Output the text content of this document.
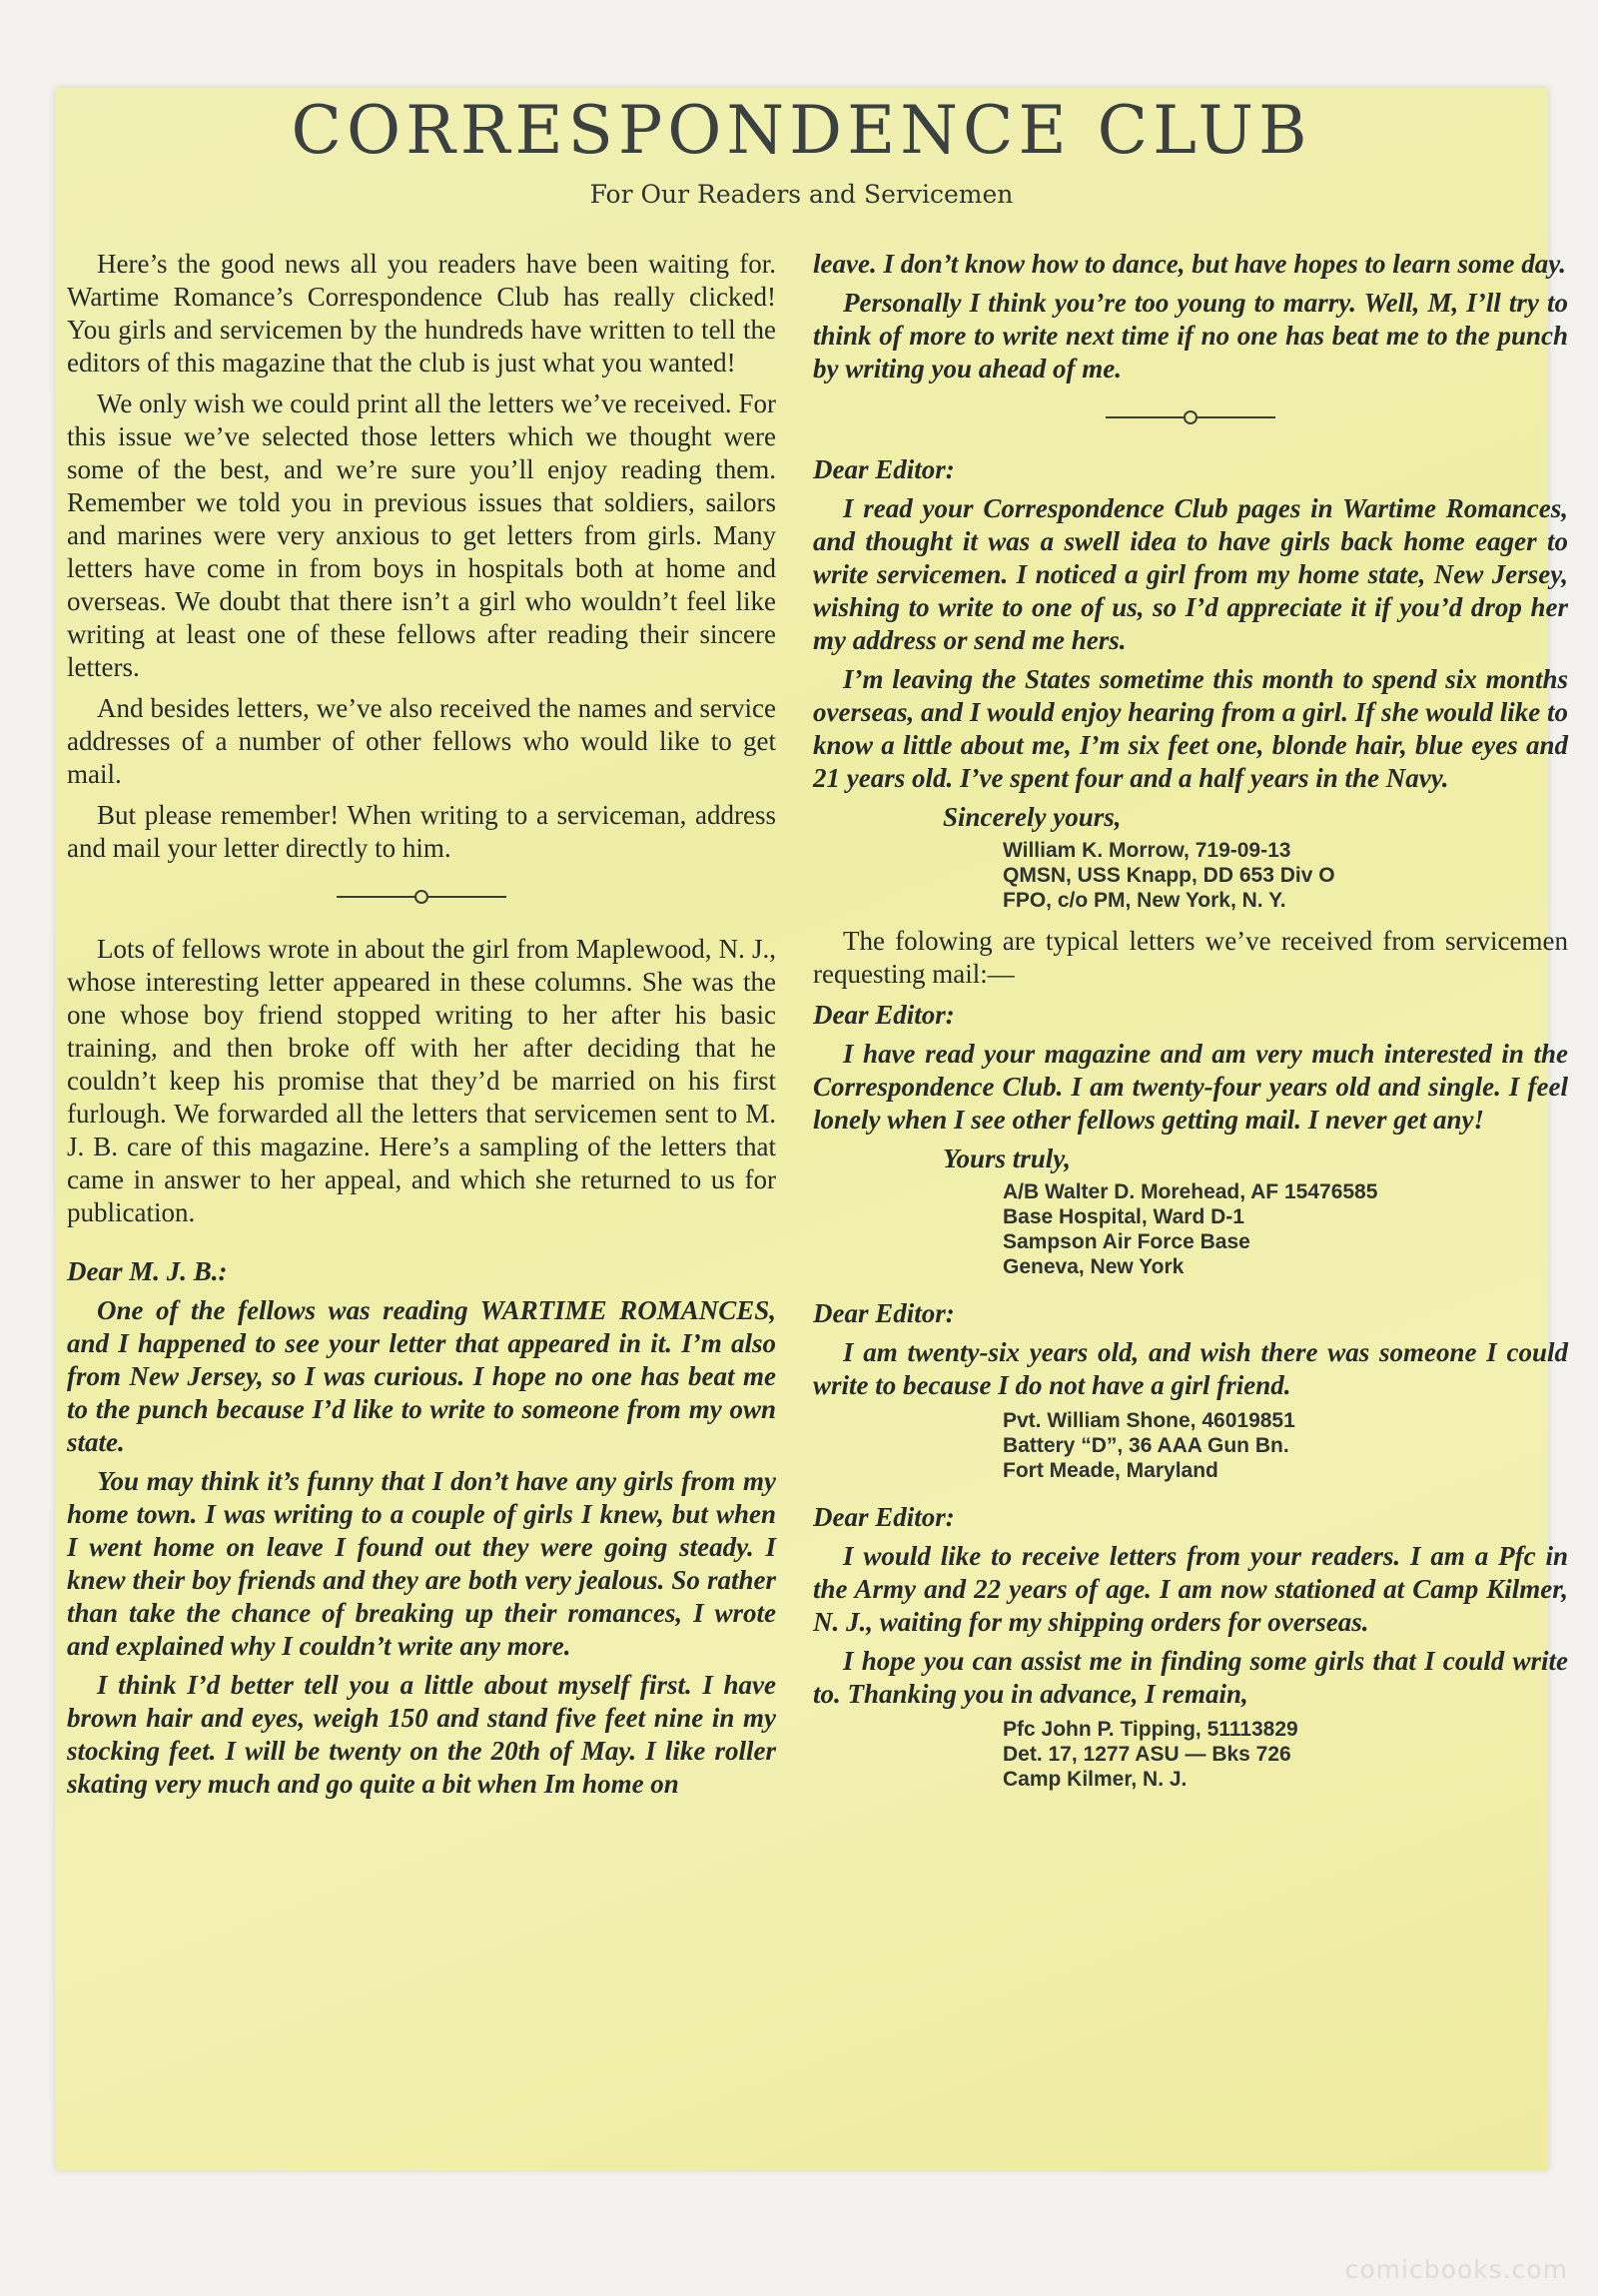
CORRESPONDENCE CLUB
For Our Readers and Servicemen

Here’s the good news all you readers have been waiting for. Wartime Romance’s Correspondence Club has really clicked! You girls and servicemen by the hundreds have written to tell the editors of this magazine that the club is just what you wanted!

We only wish we could print all the letters we’ve received. For this issue we’ve selected those letters which we thought were some of the best, and we’re sure you’ll enjoy reading them. Remember we told you in previous issues that soldiers, sailors and marines were very anxious to get letters from girls. Many letters have come in from boys in hospitals both at home and overseas. We doubt that there isn’t a girl who wouldn’t feel like writing at least one of these fellows after reading their sincere letters.

And besides letters, we’ve also received the names and service addresses of a number of other fellows who would like to get mail.

But please remember! When writing to a serviceman, address and mail your letter directly to him.

Lots of fellows wrote in about the girl from Maplewood, N. J., whose interesting letter appeared in these columns. She was the one whose boy friend stopped writing to her after his basic training, and then broke off with her after deciding that he couldn’t keep his promise that they’d be married on his first furlough. We forwarded all the letters that servicemen sent to M. J. B. care of this magazine. Here’s a sampling of the letters that came in answer to her appeal, and which she returned to us for publication.

Dear M. J. B.:

One of the fellows was reading WARTIME ROMANCES, and I happened to see your letter that appeared in it. I’m also from New Jersey, so I was curious. I hope no one has beat me to the punch because I’d like to write to someone from my own state.

You may think it’s funny that I don’t have any girls from my home town. I was writing to a couple of girls I knew, but when I went home on leave I found out they were going steady. I knew their boy friends and they are both very jealous. So rather than take the chance of breaking up their romances, I wrote and explained why I couldn’t write any more.

I think I’d better tell you a little about myself first. I have brown hair and eyes, weigh 150 and stand five feet nine in my stocking feet. I will be twenty on the 20th of May. I like roller skating very much and go quite a bit when Im home on

leave. I don’t know how to dance, but have hopes to learn some day.

Personally I think you’re too young to marry. Well, M, I’ll try to think of more to write next time if no one has beat me to the punch by writing you ahead of me.

Dear Editor:

I read your Correspondence Club pages in Wartime Romances, and thought it was a swell idea to have girls back home eager to write servicemen. I noticed a girl from my home state, New Jersey, wishing to write to one of us, so I’d appreciate it if you’d drop her my address or send me hers.

I’m leaving the States sometime this month to spend six months overseas, and I would enjoy hearing from a girl. If she would like to know a little about me, I’m six feet one, blonde hair, blue eyes and 21 years old. I’ve spent four and a half years in the Navy.

Sincerely yours,
William K. Morrow, 719-09-13
QMSN, USS Knapp, DD 653 Div O
FPO, c/o PM, New York, N. Y.

The folowing are typical letters we’ve received from servicemen requesting mail:—

Dear Editor:

I have read your magazine and am very much interested in the Correspondence Club. I am twenty-four years old and single. I feel lonely when I see other fellows getting mail. I never get any!

Yours truly,
A/B Walter D. Morehead, AF 15476585
Base Hospital, Ward D-1
Sampson Air Force Base
Geneva, New York
Dear Editor:

I am twenty-six years old, and wish there was someone I could write to because I do not have a girl friend.

Pvt. William Shone, 46019851
Battery “D”, 36 AAA Gun Bn.
Fort Meade, Maryland
Dear Editor:

I would like to receive letters from your readers. I am a Pfc in the Army and 22 years of age. I am now stationed at Camp Kilmer, N. J., waiting for my shipping orders for overseas.

I hope you can assist me in finding some girls that I could write to. Thanking you in advance, I remain,

Pfc John P. Tipping, 51113829
Det. 17, 1277 ASU — Bks 726
Camp Kilmer, N. J.
comicbooks.com
